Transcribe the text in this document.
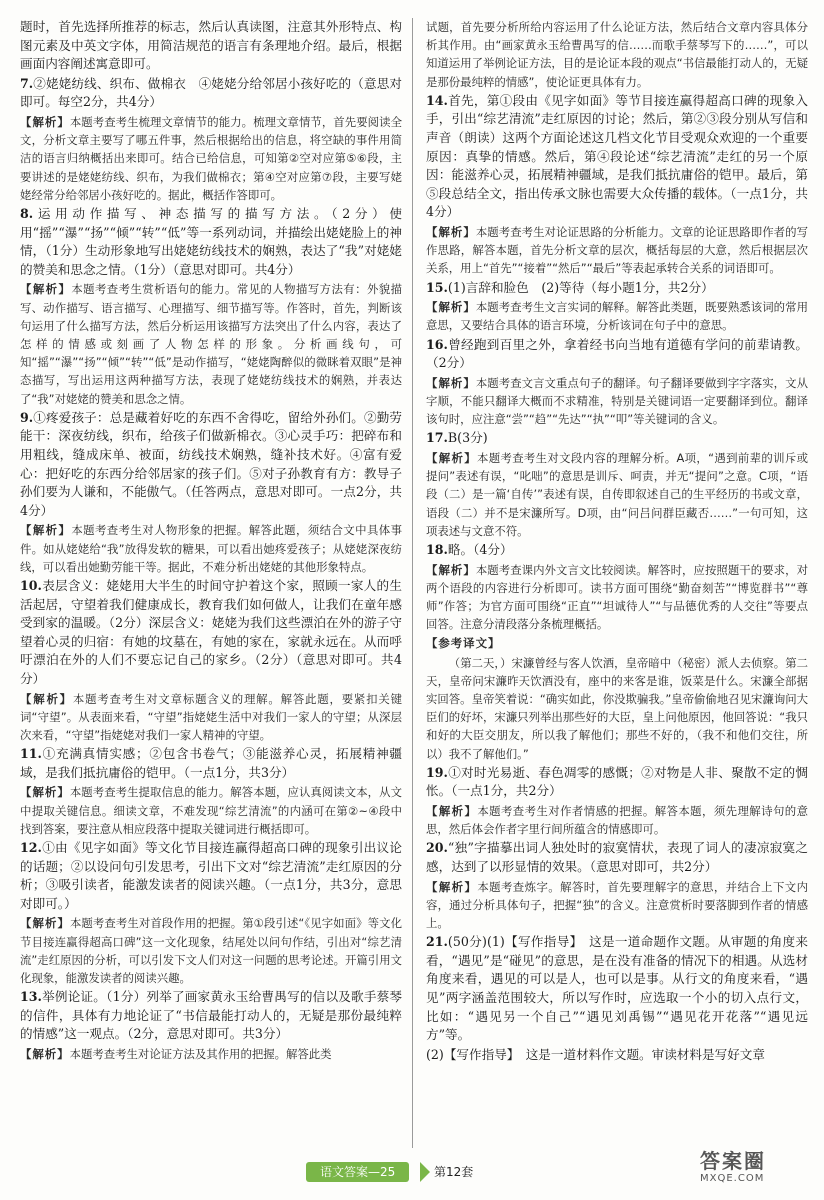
题时，首先选择所推荐的标志，然后认真读图，注意其外形特点、构图元素及中英文字体，用简洁规范的语言有条理地介绍。最后，根据画面内容阐述寓意即可。

7.②姥姥纺线、织布、做棉衣　④姥姥分给邻居小孩好吃的（意思对即可。每空2分，共4分）

【解析】本题考查考生梳理文章情节的能力。梳理文章情节，首先要阅读全文，分析文章主要写了哪五件事，然后根据给出的信息，将空缺的事件用简洁的语言归纳概括出来即可。结合已给信息，可知第②空对应第⑤⑥段，主要讲述的是姥姥纺线、织布，为我们做棉衣；第④空对应第⑦段，主要写姥姥经常分给邻居小孩好吃的。据此，概括作答即可。

8.运用动作描写、神态描写的描写方法。（2分）使用“摇”“瀑”“扬”“倾”“转”“低”等一系列动词，并描绘出姥姥脸上的神情，（1分）生动形象地写出姥姥纺线技术的娴熟，表达了“我”对姥姥的赞美和思念之情。（1分）（意思对即可。共4分）

【解析】本题考查考生赏析语句的能力。常见的人物描写方法有：外貌描写、动作描写、语言描写、心理描写、细节描写等。作答时，首先，判断该句运用了什么描写方法，然后分析运用该描写方法突出了什么内容，表达了怎样的情感或刻画了人物怎样的形象。分析画线句，可知“摇”“瀑”“扬”“倾”“转”“低”是动作描写，“姥姥陶醉似的微眯着双眼”是神态描写，写出运用这两种描写方法，表现了姥姥纺线技术的娴熟，并表达了“我”对姥姥的赞美和思念之情。

9.①疼爱孩子：总是藏着好吃的东西不舍得吃，留给外孙们。②勤劳能干：深夜纺线，织布，给孩子们做新棉衣。③心灵手巧：把碎布和用粗线，缝成床单、被面，纺线技术娴熟，缝补技术好。④富有爱心：把好吃的东西分给邻居家的孩子们。⑤对子孙教育有方：教导子孙们要为人谦和，不能傲气。（任答两点，意思对即可。一点2分，共4分）

【解析】本题考查考生对人物形象的把握。解答此题，须结合文中具体事件。如从姥姥给“我”放得发软的糖果，可以看出她疼爱孩子；从姥姥深夜纺线，可以看出她勤劳能干等。据此，不难分析出姥姥的其他形象特点。

10.表层含义：姥姥用大半生的时间守护着这个家，照顾一家人的生活起居，守望着我们健康成长，教育我们如何做人，让我们在童年感受到家的温暖。（2分）深层含义：姥姥为我们这些漂泊在外的游子守望着心灵的归宿：有她的坟墓在，有她的家在，家就永远在。从而呼吁漂泊在外的人们不要忘记自己的家乡。（2分）（意思对即可。共4分）

【解析】本题考查考生对文章标题含义的理解。解答此题，要紧扣关键词“守望”。从表面来看，“守望”指姥姥生活中对我们一家人的守望；从深层次来看，“守望”指姥姥对我们一家人精神的守望。

11.①充满真情实感；②包含书卷气；③能滋养心灵，拓展精神疆域，是我们抵抗庸俗的铠甲。（一点1分，共3分）

【解析】本题考查考生提取信息的能力。解答本题，应认真阅读文本，从文中提取关键信息。细读文章，不难发现“综艺清流”的内涵可在第②~④段中找到答案，要注意从相应段落中提取关键词进行概括即可。

12.①由《见字如面》等文化节目接连赢得超高口碑的现象引出议论的话题；②以设问句引发思考，引出下文对“综艺清流”走红原因的分析；③吸引读者，能激发读者的阅读兴趣。（一点1分，共3分，意思对即可。）

【解析】本题考查考生对首段作用的把握。第①段引述“《见字如面》等文化节目接连赢得超高口碑”这一文化现象，结尾处以问句作结，引出对“综艺清流”走红原因的分析，可以引发下文人们对这一问题的思考论述。开篇引用文化现象，能激发读者的阅读兴趣。

13.举例论证。（1分）列举了画家黄永玉给曹禺写的信以及歌手蔡琴的信件，具体有力地论证了“书信最能打动人的，无疑是那份最纯粹的情感”这一观点。（2分，意思对即可。共3分）

【解析】本题考查考生对论证方法及其作用的把握。解答此类

试题，首先要分析所给内容运用了什么论证方法，然后结合文章内容具体分析其作用。由“画家黄永玉给曹禺写的信……而歌手蔡琴写下的……”，可以知道运用了举例论证方法，目的是论证本段的观点“书信最能打动人的，无疑是那份最纯粹的情感”，使论证更具体有力。

14.首先，第①段由《见字如面》等节目接连赢得超高口碑的现象入手，引出“综艺清流”走红原因的讨论；然后，第②③段分别从写信和声音（朗读）这两个方面论述这几档文化节目受观众欢迎的一个重要原因：真挚的情感。然后，第④段论述“综艺清流”走红的另一个原因：能滋养心灵，拓展精神疆域，是我们抵抗庸俗的铠甲。最后，第⑤段总结全文，指出传承文脉也需要大众传播的载体。（一点1分，共4分）

【解析】本题考查考生对论证思路的分析能力。文章的论证思路即作者的写作思路，解答本题，首先分析文章的层次，概括每层的大意，然后根据层次关系，用上“首先”“接着”“然后”“最后”等表起承转合关系的词语即可。

15.(1)言辞和脸色　(2)等待（每小题1分，共2分）

【解析】本题考查考生文言实词的解释。解答此类题，既要熟悉该词的常用意思，又要结合具体的语言环境，分析该词在句子中的意思。

16.曾经跑到百里之外，拿着经书向当地有道德有学问的前辈请教。（2分）

【解析】本题考查文言文重点句子的翻译。句子翻译要做到字字落实，文从字顺，不能只翻译大概而不求精准，特别是关键词语一定要翻译到位。翻译该句时，应注意“尝”“趋”“先达”“执”“叩”等关键词的含义。

17.B(3分)

【解析】本题考查考生对文段内容的理解分析。A项，“遇到前辈的训斥或提问”表述有误，“叱咄”的意思是训斥、呵责，并无“提问”之意。C项，“语段（二）是一篇‘自传’”表述有误，自传即叙述自己的生平经历的书或文章，语段（二）并不是宋濂所写。D项，由“问吕问群臣藏否……”一句可知，这项表述与文意不符。

18.略。（4分）

【解析】本题考查课内外文言文比较阅读。解答时，应按照题干的要求，对两个语段的内容进行分析即可。读书方面可围绕“勤奋刻苦”“博览群书”“尊师”作答；为官方面可围绕“正直”“坦诚待人”“与品德优秀的人交往”等要点回答。注意分清段落分条梳理概括。

【参考译文】

（第二天，）宋濂曾经与客人饮酒，皇帝暗中（秘密）派人去侦察。第二天，皇帝问宋濂昨天饮酒没有，座中的来客是谁，饭菜是什么。宋濂全部据实回答。皇帝笑着说：“确实如此，你没欺骗我。”皇帝偷偷地召见宋濂询问大臣们的好坏，宋濂只列举出那些好的大臣，皇上问他原因，他回答说：“我只和好的大臣交朋友，所以我了解他们；那些不好的，（我不和他们交往，所以）我不了解他们。”

19.①对时光易逝、春色凋零的感慨；②对物是人非、聚散不定的惆怅。（一点1分，共2分）

【解析】本题考查考生对作者情感的把握。解答本题，须先理解诗句的意思，然后体会作者字里行间所蕴含的情感即可。

20.“独”字描摹出词人独处时的寂寞情状，表现了词人的凄凉寂寞之感，达到了以形显情的效果。（意思对即可，共2分）

【解析】本题考查炼字。解答时，首先要理解字的意思，并结合上下文内容，通过分析具体句子，把握“独”的含义。注意赏析时要落脚到作者的情感上。

21.(50分)(1)【写作指导】　这是一道命题作文题。从审题的角度来看，“遇见”是“碰见”的意思，是在没有准备的情况下的相遇。从选材角度来看，遇见的可以是人，也可以是事。从行文的角度来看，“遇见”两字涵盖范围较大，所以写作时，应选取一个小的切入点行文，比如：“遇见另一个自己”“遇见刘禹锡”“遇见花开花落”“遇见远方”等。

(2)【写作指导】　这是一道材料作文题。审读材料是写好文章

语文答案—25	第12套	答案圈
MXQE.COM
